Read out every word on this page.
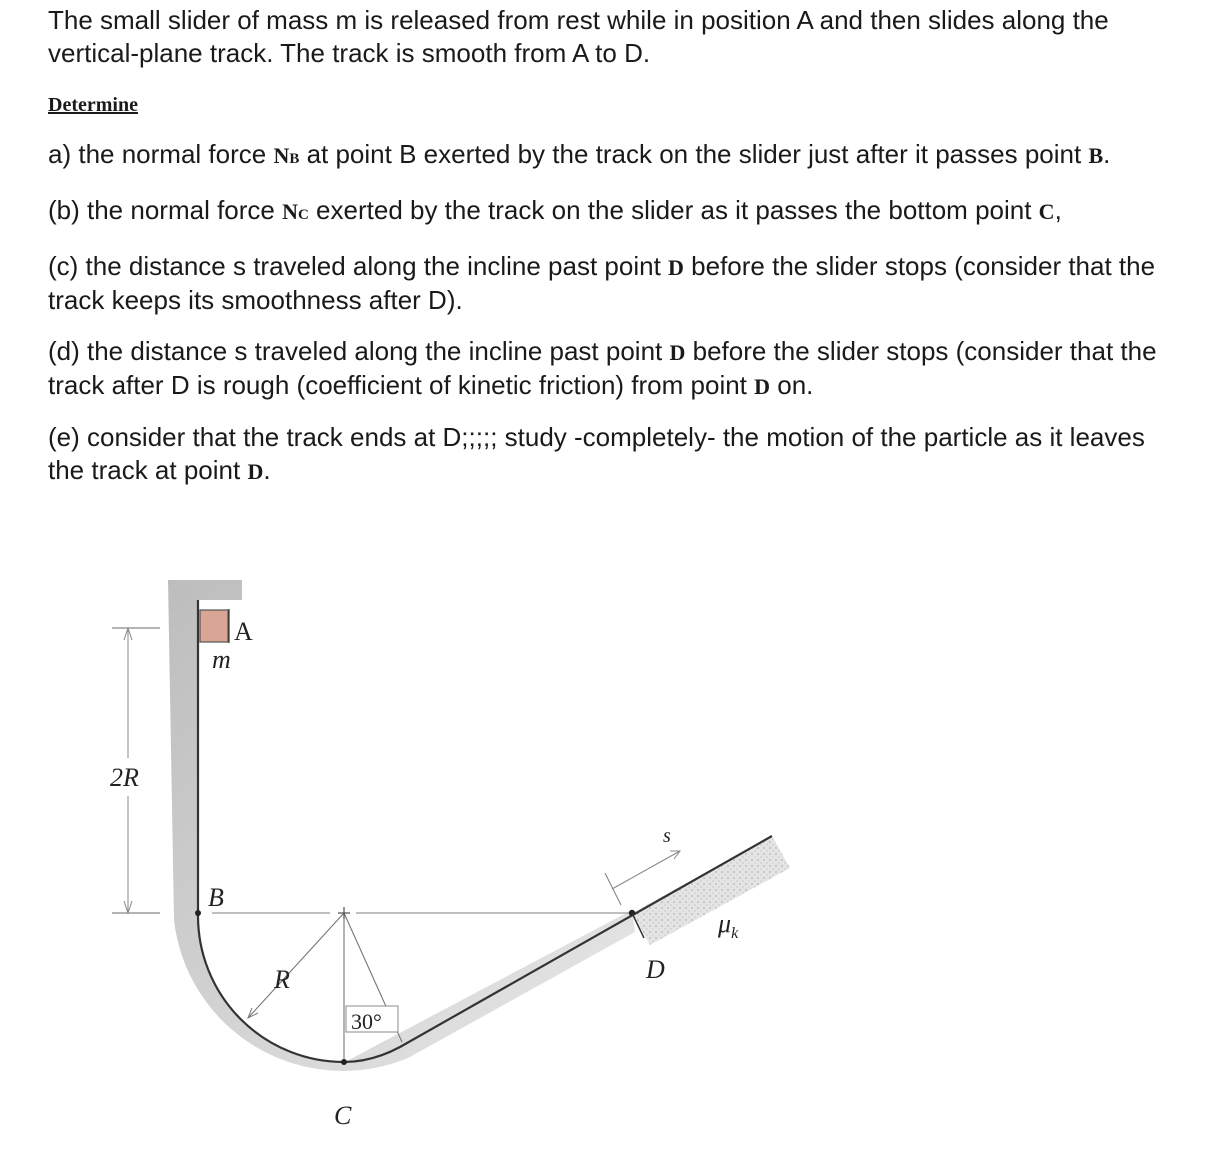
The small slider of mass m is released from rest while in position A and then slides along the vertical-plane track. The track is smooth from A to D.

Determine

a) the normal force NB at point B exerted by the track on the slider just after it passes point B.

(b) the normal force NC exerted by the track on the slider as it passes the bottom point C,

(c) the distance s traveled along the incline past point D before the slider stops (consider that the track keeps its smoothness after D).

(d) the distance s traveled along the incline past point D before the slider stops (consider that the track after D is rough (coefficient of kinetic friction) from point D on.

(e) consider that the track ends at D;;;;; study -completely- the motion of the particle as it leaves the track at point D.

A
m
2R
B
R
30°
C
D
s
$\mu_k$
